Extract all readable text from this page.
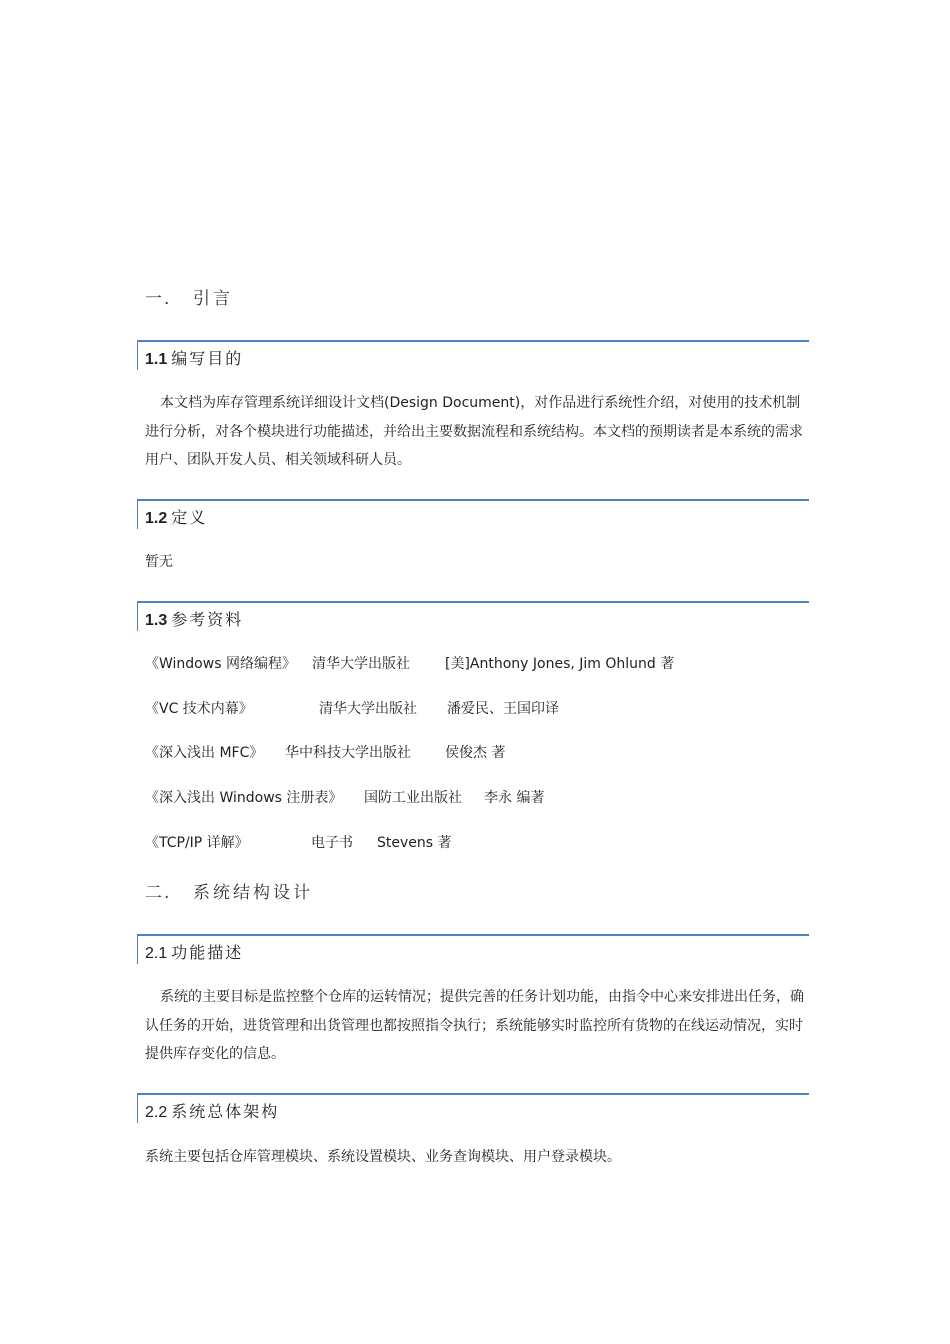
一. 引言
1.1 编写目的
本文档为库存管理系统详细设计文档(Design Document)，对作品进行系统性介绍，对使用的技术机制进行分析，对各个模块进行功能描述，并给出主要数据流程和系统结构。本文档的预期读者是本系统的需求用户、团队开发人员、相关领域科研人员。
1.2 定义
暂无
1.3 参考资料
《Windows 网络编程》 清华大学出版社	[美]Anthony Jones, Jim Ohlund 著
《VC 技术内幕》	清华大学出版社 潘爱民、王国印译
《深入浅出 MFC》 华中科技大学出版社 侯俊杰 著
《深入浅出 Windows 注册表》 国防工业出版社 李永 编著
《TCP/IP 详解》	电子书 Stevens 著
二. 系统结构设计
2.1 功能描述
系统的主要目标是监控整个仓库的运转情况；提供完善的任务计划功能，由指令中心来安排进出任务，确认任务的开始，进货管理和出货管理也都按照指令执行；系统能够实时监控所有货物的在线运动情况，实时提供库存变化的信息。
2.2 系统总体架构
系统主要包括仓库管理模块、系统设置模块、业务查询模块、用户登录模块。
